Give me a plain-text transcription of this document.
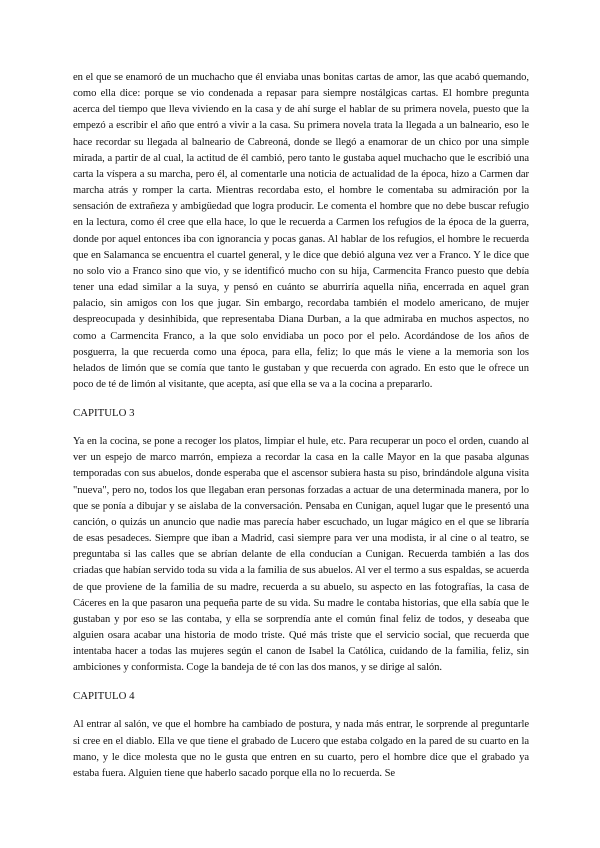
en el que se enamoró de un muchacho que él enviaba unas bonitas cartas de amor, las que acabó quemando, como ella dice: porque se vio condenada a repasar para siempre nostálgicas cartas. El hombre pregunta acerca del tiempo que lleva viviendo en la casa y de ahí surge el hablar de su primera novela, puesto que la empezó a escribir el año que entró a vivir a la casa. Su primera novela trata la llegada a un balneario, eso le hace recordar su llegada al balneario de Cabreoná, donde se llegó a enamorar de un chico por una simple mirada, a partir de al cual, la actitud de él cambió, pero tanto le gustaba aquel muchacho que le escribió una carta la víspera a su marcha, pero él, al comentarle una noticia de actualidad de la época, hizo a Carmen dar marcha atrás y romper la carta. Mientras recordaba esto, el hombre le comentaba su admiración por la sensación de extrañeza y ambigüedad que logra producir. Le comenta el hombre que no debe buscar refugio en la lectura, como él cree que ella hace, lo que le recuerda a Carmen los refugios de la época de la guerra, donde por aquel entonces iba con ignorancia y pocas ganas. Al hablar de los refugios, el hombre le recuerda que en Salamanca se encuentra el cuartel general, y le dice que debió alguna vez ver a Franco. Y le dice que no solo vio a Franco sino que vio, y se identificó mucho con su hija, Carmencita Franco puesto que debía tener una edad similar a la suya, y pensó en cuánto se aburriría aquella niña, encerrada en aquel gran palacio, sin amigos con los que jugar. Sin embargo, recordaba también el modelo americano, de mujer despreocupada y desinhibida, que representaba Diana Durban, a la que admiraba en muchos aspectos, no como a Carmencita Franco, a la que solo envidiaba un poco por el pelo. Acordándose de los años de posguerra, la que recuerda como una época, para ella, feliz; lo que más le viene a la memoria son los helados de limón que se comía que tanto le gustaban y que recuerda con agrado. En esto que le ofrece un poco de té de limón al visitante, que acepta, así que ella se va a la cocina a prepararlo.

CAPITULO 3

Ya en la cocina, se pone a recoger los platos, limpiar el hule, etc. Para recuperar un poco el orden, cuando al ver un espejo de marco marrón, empieza a recordar la casa en la calle Mayor en la que pasaba algunas temporadas con sus abuelos, donde esperaba que el ascensor subiera hasta su piso, brindándole alguna visita "nueva", pero no, todos los que llegaban eran personas forzadas a actuar de una determinada manera, por lo que se ponía a dibujar y se aislaba de la conversación. Pensaba en Cunigan, aquel lugar que le presentó una canción, o quizás un anuncio que nadie mas parecía haber escuchado, un lugar mágico en el que se libraría de esas pesadeces. Siempre que iban a Madrid, casi siempre para ver una modista, ir al cine o al teatro, se preguntaba si las calles que se abrían delante de ella conducían a Cunigan. Recuerda también a las dos criadas que habían servido toda su vida a la familia de sus abuelos. Al ver el termo a sus espaldas, se acuerda de que proviene de la familia de su madre, recuerda a su abuelo, su aspecto en las fotografías, la casa de Cáceres en la que pasaron una pequeña parte de su vida. Su madre le contaba historias, que ella sabía que le gustaban y por eso se las contaba, y ella se sorprendía ante el común final feliz de todos, y deseaba que alguien osara acabar una historia de modo triste. Qué más triste que el servicio social, que recuerda que intentaba hacer a todas las mujeres según el canon de Isabel la Católica, cuidando de la familia, feliz, sin ambiciones y conformista. Coge la bandeja de té con las dos manos, y se dirige al salón.

CAPITULO 4

Al entrar al salón, ve que el hombre ha cambiado de postura, y nada más entrar, le sorprende al preguntarle si cree en el diablo. Ella ve que tiene el grabado de Lucero que estaba colgado en la pared de su cuarto en la mano, y le dice molesta que no le gusta que entren en su cuarto, pero el hombre dice que el grabado ya estaba fuera. Alguien tiene que haberlo sacado porque ella no lo recuerda. Se
